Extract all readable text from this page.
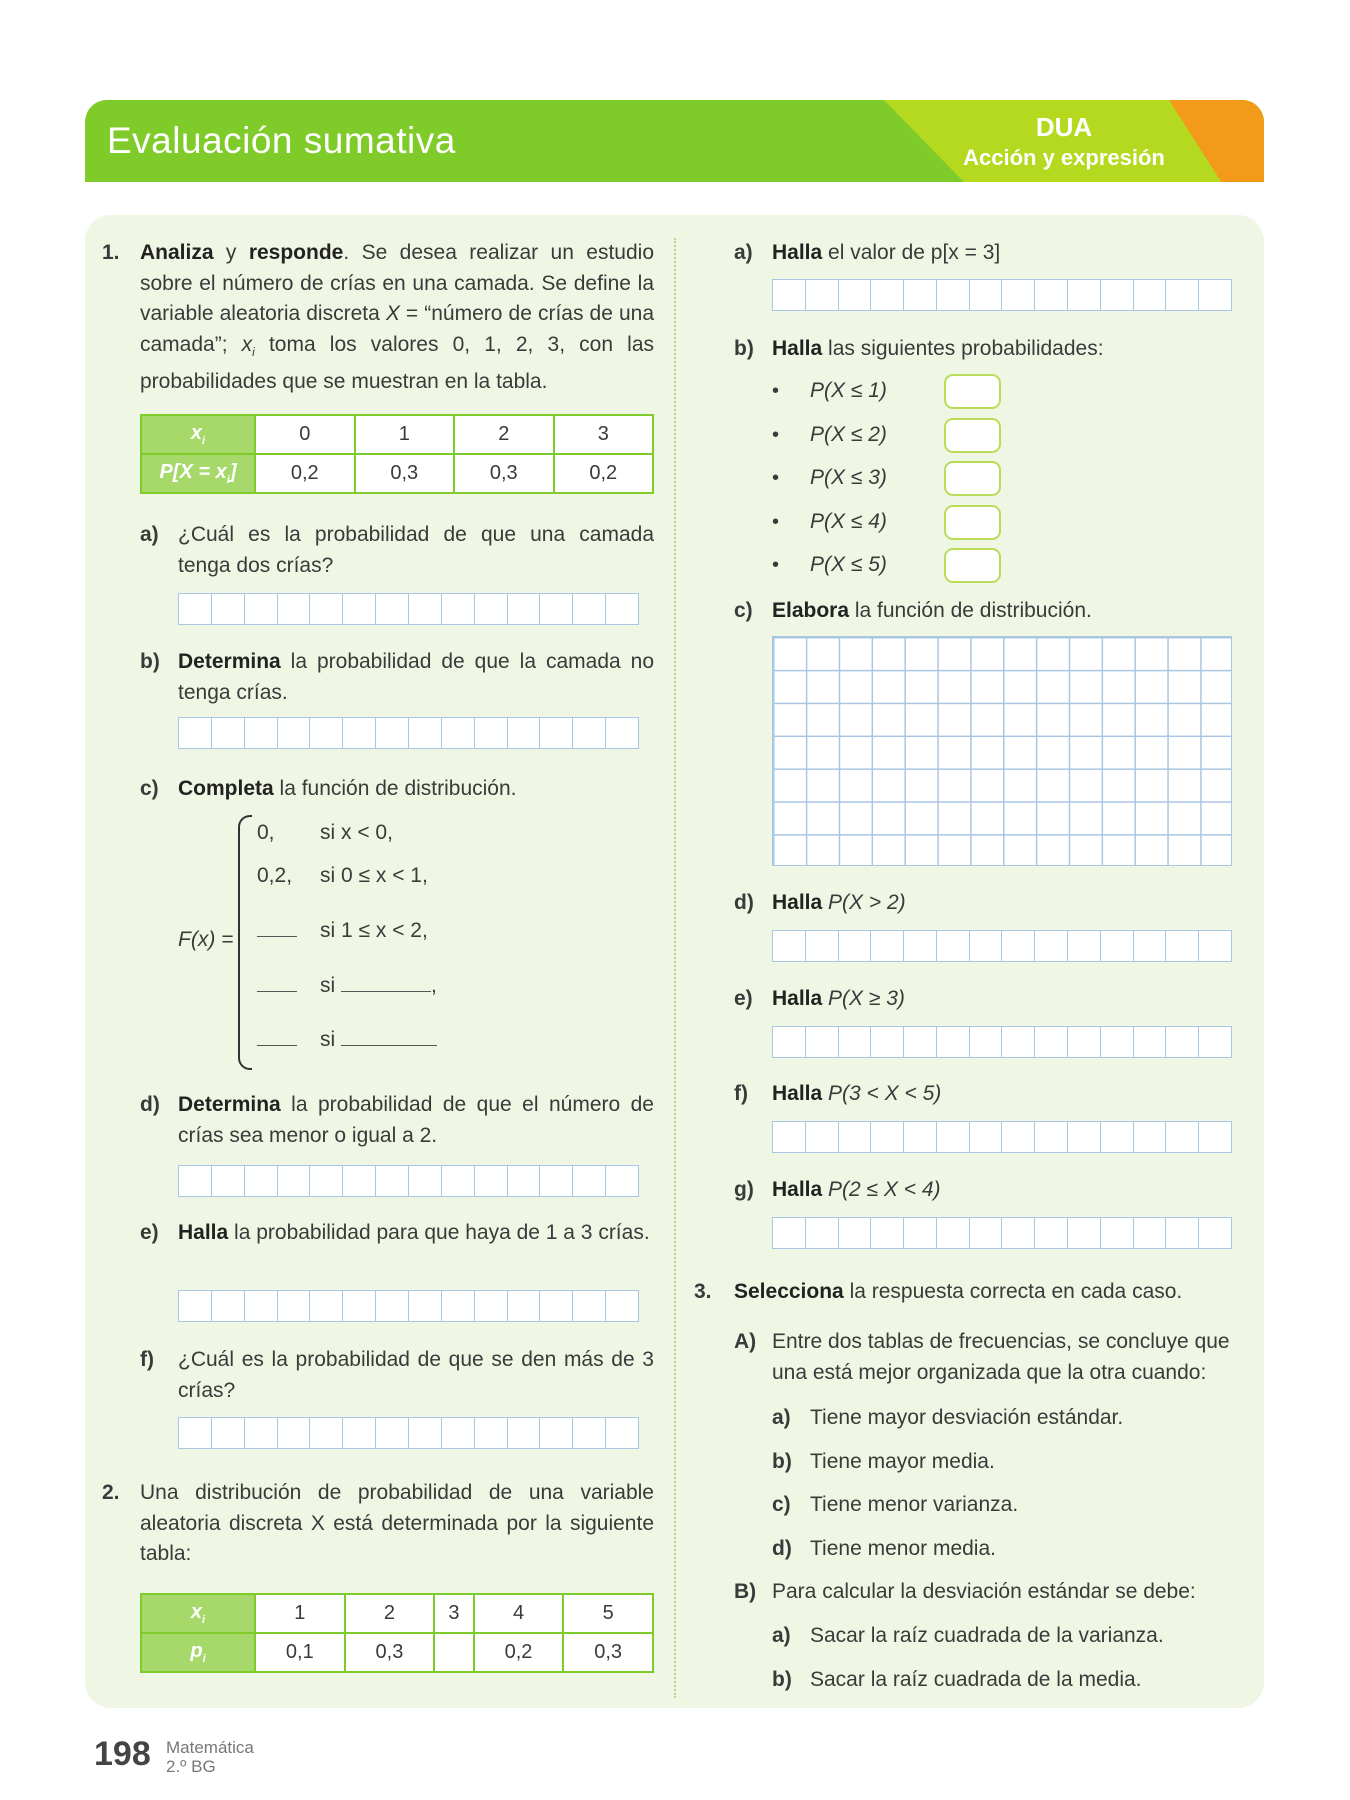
Evaluación sumativa	DUA
Acción y expresión
1. Analiza y responde. Se desea realizar un estudio sobre el número de crías en una camada. Se define la variable aleatoria discreta X = “número de crías de una camada”; $x_i$ toma los valores 0, 1, 2, 3, con las probabilidades que se muestran en la tabla.
$x_i$	0	1	2	3
$P[X = x_i]$	0,2	0,3	0,3	0,2
a) ¿Cuál es la probabilidad de que una camada tenga dos crías?
b) Determina la probabilidad de que la camada no tenga crías.
c) Completa la función de distribución.
F(x) =
0, si x < 0,
0,2, si 0 ≤ x < 1,
si 1 ≤ x < 2,
si	,
si
d) Determina la probabilidad de que el número de crías sea menor o igual a 2.
e) Halla la probabilidad para que haya de 1 a 3 crías.
f) ¿Cuál es la probabilidad de que se den más de 3 crías?
2. Una distribución de probabilidad de una variable aleatoria discreta X está determinada por la siguiente tabla:
$x_i$	1	2	3	4	5
$p_i$	0,1	0,3		0,2	0,3
a) Halla el valor de p[x = 3]
b) Halla las siguientes probabilidades:
• P(X ≤ 1)
• P(X ≤ 2)
• P(X ≤ 3)
• P(X ≤ 4)
• P(X ≤ 5)
c) Elabora la función de distribución.
d) Halla P(X > 2)
e) Halla P(X ≥ 3)
f) Halla P(3 < X < 5)
g) Halla P(2 ≤ X < 4)
3. Selecciona la respuesta correcta en cada caso.
A) Entre dos tablas de frecuencias, se concluye que una está mejor organizada que la otra cuando:
a) Tiene mayor desviación estándar.
b) Tiene mayor media.
c) Tiene menor varianza.
d) Tiene menor media.
B) Para calcular la desviación estándar se debe:
a) Sacar la raíz cuadrada de la varianza.
b) Sacar la raíz cuadrada de la media.
198 Matemática
2.º BG
